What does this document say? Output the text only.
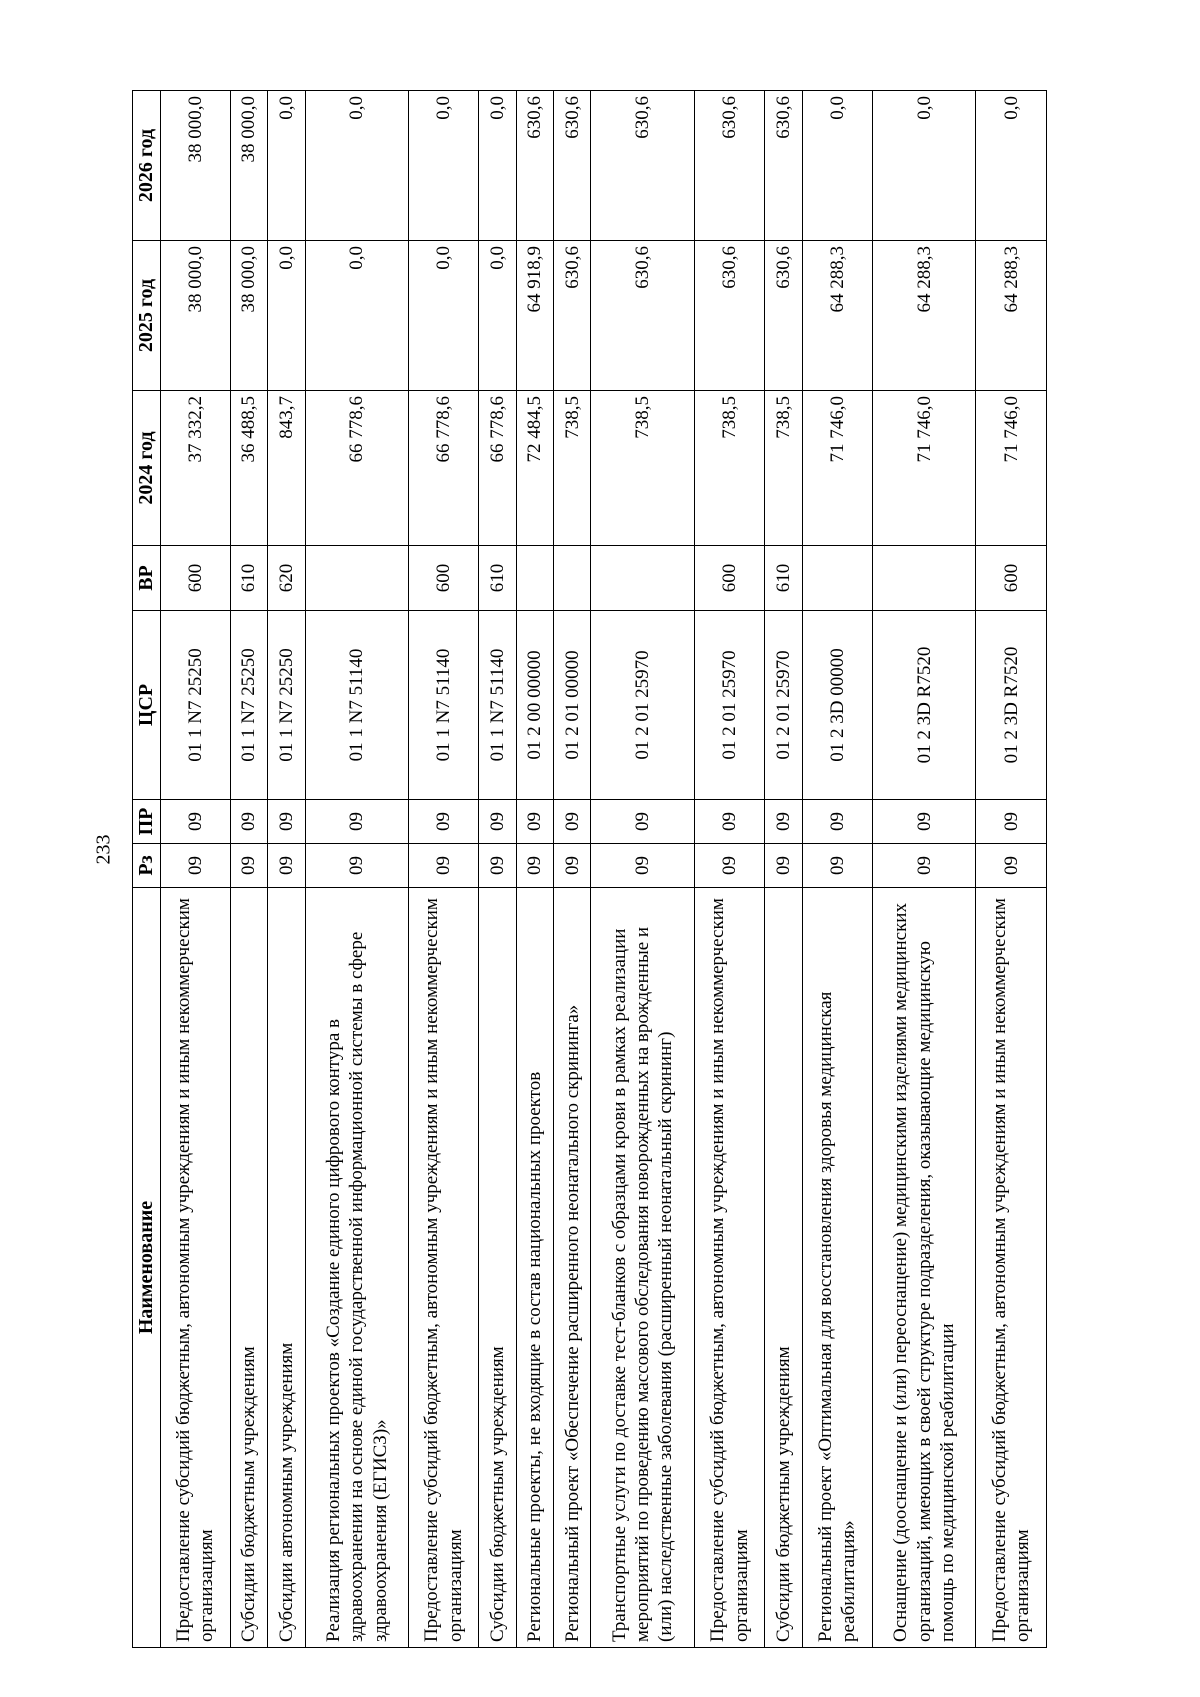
233
Наименование	Рз	ПР	ЦСР	ВР	2024 год	2025 год	2026 год
Предоставление субсидий бюджетным, автономным учреждениям и иным некоммерческим организациям	09	09	01 1 N7 25250	600	37 332,2	38 000,0	38 000,0
Субсидии бюджетным учреждениям	09	09	01 1 N7 25250	610	36 488,5	38 000,0	38 000,0
Субсидии автономным учреждениям	09	09	01 1 N7 25250	620	843,7	0,0	0,0
Реализация региональных проектов «Создание единого цифрового контура в здравоохранении на основе единой государственной информационной системы в сфере здравоохранения (ЕГИСЗ)»	09	09	01 1 N7 51140		66 778,6	0,0	0,0
Предоставление субсидий бюджетным, автономным учреждениям и иным некоммерческим организациям	09	09	01 1 N7 51140	600	66 778,6	0,0	0,0
Субсидии бюджетным учреждениям	09	09	01 1 N7 51140	610	66 778,6	0,0	0,0
Региональные проекты, не входящие в состав национальных проектов	09	09	01 2 00 00000		72 484,5	64 918,9	630,6
Региональный проект «Обеспечение расширенного неонатального скрининга»	09	09	01 2 01 00000		738,5	630,6	630,6
Транспортные услуги по доставке тест-бланков с образцами крови в рамках реализации мероприятий по проведению массового обследования новорожденных на врожденные и (или) наследственные заболевания (расширенный неонатальный скрининг)	09	09	01 2 01 25970		738,5	630,6	630,6
Предоставление субсидий бюджетным, автономным учреждениям и иным некоммерческим организациям	09	09	01 2 01 25970	600	738,5	630,6	630,6
Субсидии бюджетным учреждениям	09	09	01 2 01 25970	610	738,5	630,6	630,6
Региональный проект «Оптимальная для восстановления здоровья медицинская реабилитация»	09	09	01 2 3D 00000		71 746,0	64 288,3	0,0
Оснащение (дооснащение и (или) переоснащение) медицинскими изделиями медицинских организаций, имеющих в своей структуре подразделения, оказывающие медицинскую помощь по медицинской реабилитации	09	09	01 2 3D R7520		71 746,0	64 288,3	0,0
Предоставление субсидий бюджетным, автономным учреждениям и иным некоммерческим организациям	09	09	01 2 3D R7520	600	71 746,0	64 288,3	0,0
